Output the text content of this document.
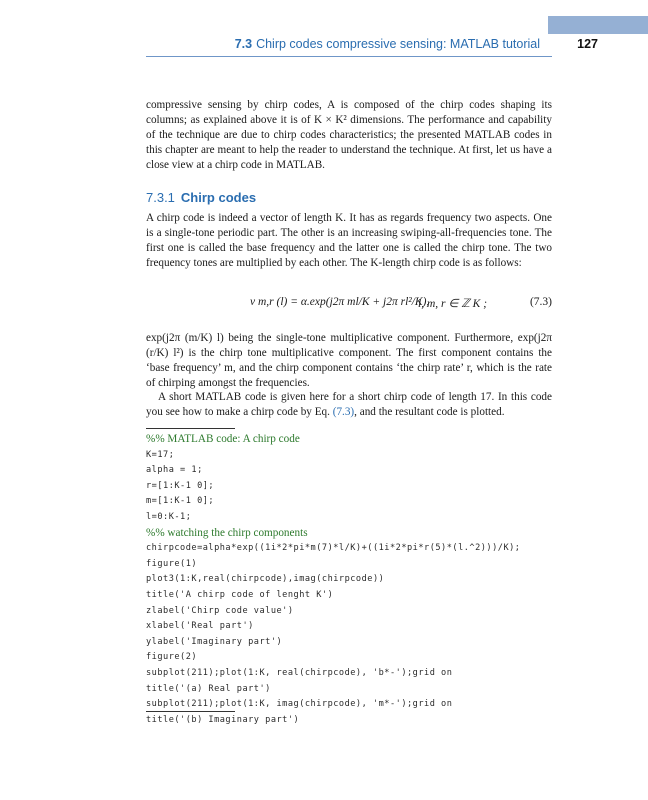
7.3 Chirp codes compressive sensing: MATLAB tutorial	127
compressive sensing by chirp codes, A is composed of the chirp codes shaping its columns; as explained above it is of K × K² dimensions. The performance and capability of the technique are due to chirp codes characteristics; the presented MATLAB codes in this chapter are meant to help the reader to understand the technique. At first, let us have a close view at a chirp code in MATLAB.
7.3.1 Chirp codes
A chirp code is indeed a vector of length K. It has as regards frequency two aspects. One is a single-tone periodic part. The other is an increasing swiping-all-frequencies tone. The first one is called the base frequency and the latter one is called the chirp tone. The two frequency tones are multiplied by each other. The K-length chirp code is as follows:
v m,r (l) = α.exp(j2π ml/K + j2π rl²/K),
l, m, r ∈ ℤ K ;	(7.3)
exp(j2π (m/K) l) being the single-tone multiplicative component. Furthermore, exp(j2π (r/K) l²) is the chirp tone multiplicative component. The first component contains the ‘base frequency’ m, and the chirp component contains ‘the chirp rate’ r, which is the rate of chirping amongst the frequencies.
A short MATLAB code is given here for a short chirp code of length 17. In this code you see how to make a chirp code by Eq. (7.3), and the resultant code is plotted.
%% MATLAB code: A chirp code
K=17;
alpha = 1;
r=[1:K-1 0];
m=[1:K-1 0];
l=0:K-1;
%% watching the chirp components
chirpcode=alpha*exp((1i*2*pi*m(7)*l/K)+((1i*2*pi*r(5)*(l.^2)))/K);
figure(1)
plot3(1:K,real(chirpcode),imag(chirpcode))
title('A chirp code of lenght K')
zlabel('Chirp code value')
xlabel('Real part')
ylabel('Imaginary part')
figure(2)
subplot(211);plot(1:K, real(chirpcode), 'b*-');grid on
title('(a) Real part')
subplot(211);plot(1:K, imag(chirpcode), 'm*-');grid on
title('(b) Imaginary part')
